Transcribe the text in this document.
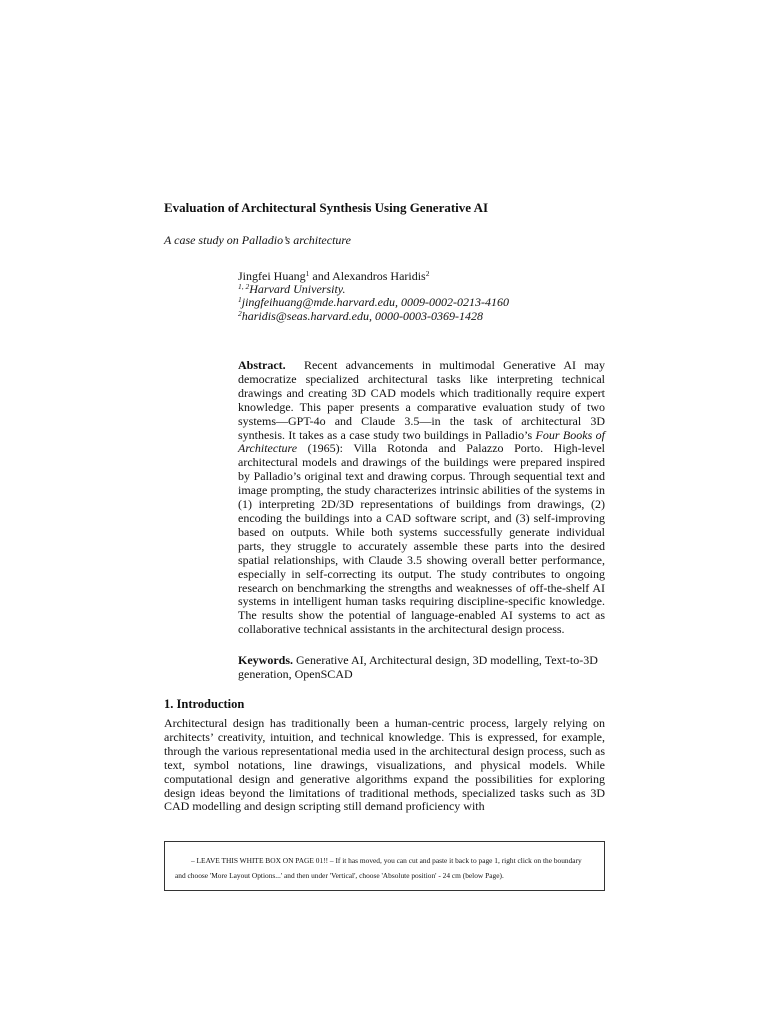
Evaluation of Architectural Synthesis Using Generative AI

A case study on Palladio’s architecture

Jingfei Huang$^1$ and Alexandros Haridis$^2$
$^{1, 2}$Harvard University.
$^1$jingfeihuang@mde.harvard.edu, 0009-0002-0213-4160
$^2$haridis@seas.harvard.edu, 0000-0003-0369-1428

Abstract. Recent advancements in multimodal Generative AI may democratize specialized architectural tasks like interpreting technical drawings and creating 3D CAD models which traditionally require expert knowledge. This paper presents a comparative evaluation study of two systems—GPT-4o and Claude 3.5—in the task of architectural 3D synthesis. It takes as a case study two buildings in Palladio’s Four Books of Architecture (1965): Villa Rotonda and Palazzo Porto. High-level architectural models and drawings of the buildings were prepared inspired by Palladio’s original text and drawing corpus. Through sequential text and image prompting, the study characterizes intrinsic abilities of the systems in (1) interpreting 2D/3D representations of buildings from drawings, (2) encoding the buildings into a CAD software script, and (3) self-improving based on outputs. While both systems successfully generate individual parts, they struggle to accurately assemble these parts into the desired spatial relationships, with Claude 3.5 showing overall better performance, especially in self-correcting its output. The study contributes to ongoing research on benchmarking the strengths and weaknesses of off-the-shelf AI systems in intelligent human tasks requiring discipline-specific knowledge. The results show the potential of language-enabled AI systems to act as collaborative technical assistants in the architectural design process.

Keywords. Generative AI, Architectural design, 3D modelling, Text-to-3D generation, OpenSCAD

1. Introduction

Architectural design has traditionally been a human-centric process, largely relying on architects’ creativity, intuition, and technical knowledge. This is expressed, for example, through the various representational media used in the architectural design process, such as text, symbol notations, line drawings, visualizations, and physical models. While computational design and generative algorithms expand the possibilities for exploring design ideas beyond the limitations of traditional methods, specialized tasks such as 3D CAD modelling and design scripting still demand proficiency with

– LEAVE THIS WHITE BOX ON PAGE 01!! – If it has moved, you can cut and paste it back to page 1, right click on the boundary and choose 'More Layout Options...' and then under 'Vertical', choose 'Absolute position' - 24 cm (below Page).
